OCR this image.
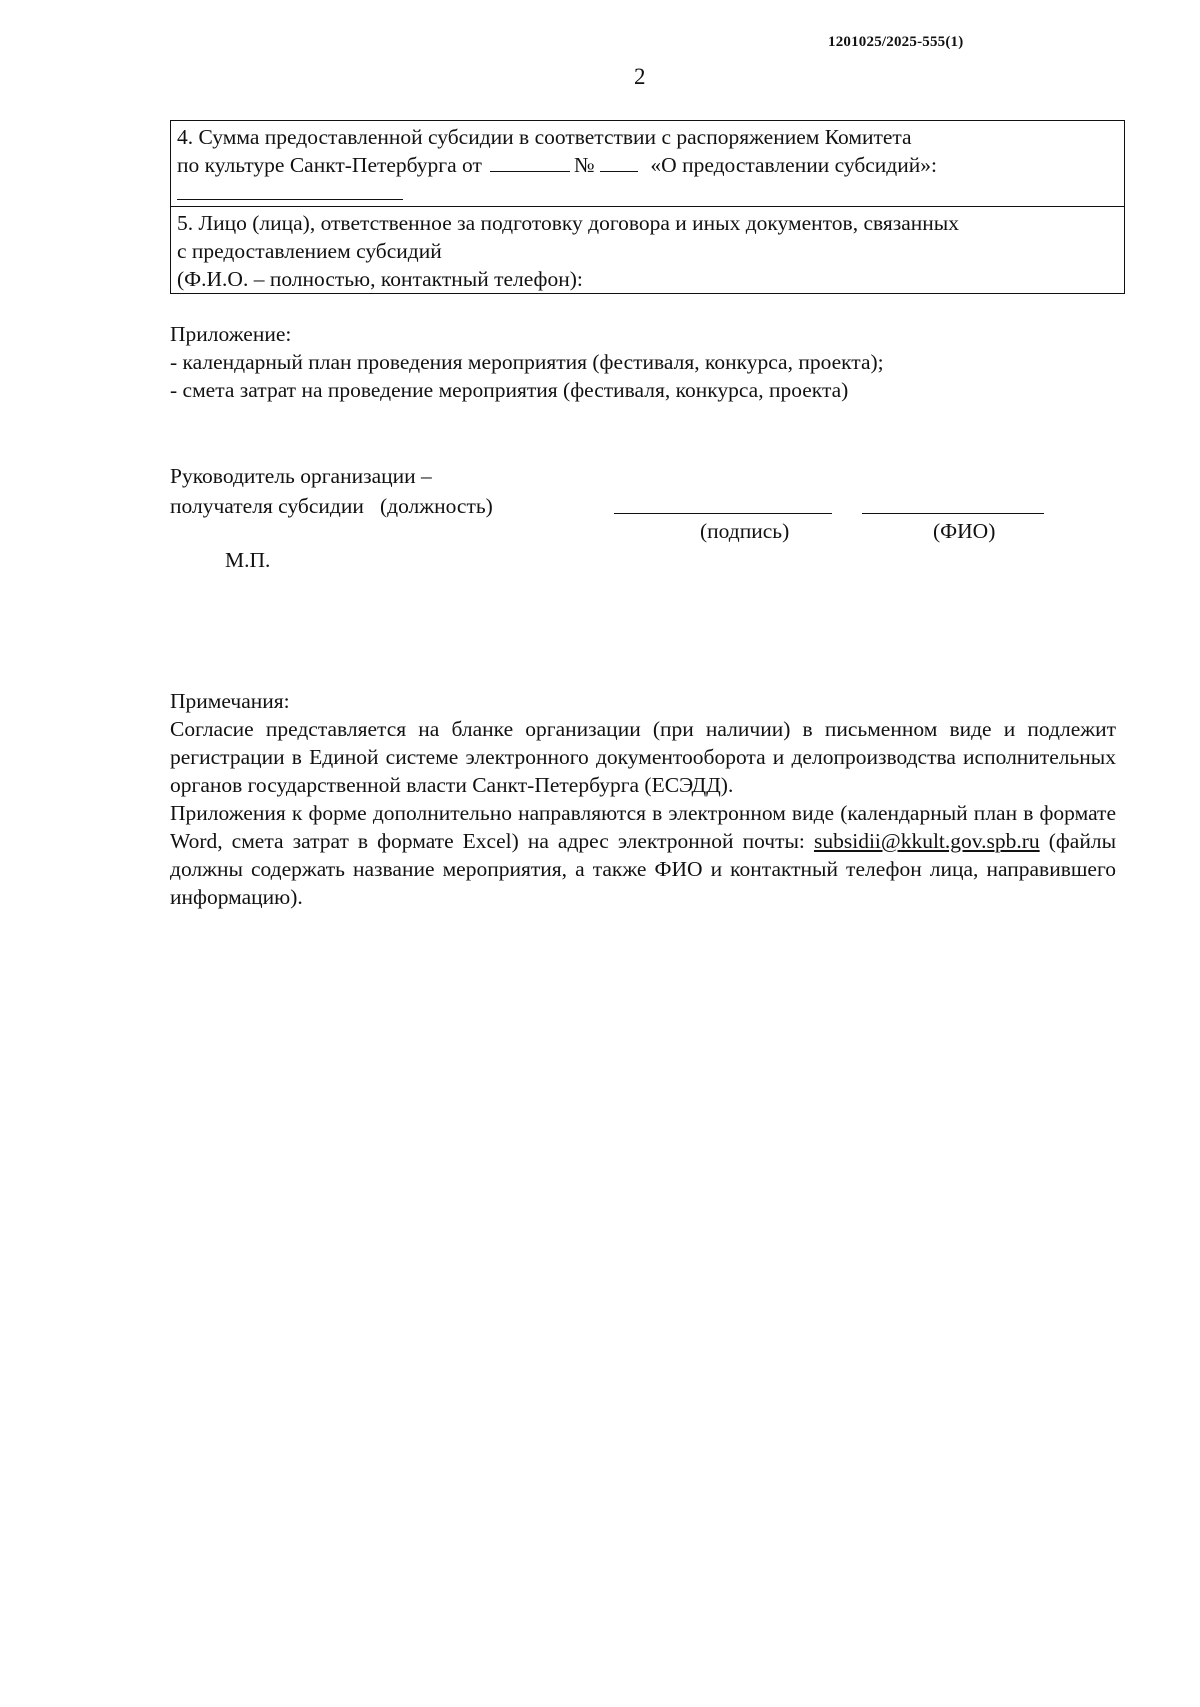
1201025/2025-555(1)
2
4. Сумма предоставленной субсидии в соответствии с распоряжением Комитета
по культуре Санкт-Петербурга от	№	«О предоставлении субсидий»:
5. Лицо (лица), ответственное за подготовку договора и иных документов, связанных
с предоставлением субсидий
(Ф.И.О. – полностью, контактный телефон):
Приложение:
- календарный план проведения мероприятия (фестиваля, конкурса, проекта);
- смета затрат на проведение мероприятия (фестиваля, конкурса, проекта)
Руководитель организации –
получателя субсидии   (должность)
(подпись)	(ФИО)
М.П.
Примечания:

Согласие представляется на бланке организации (при наличии) в письменном виде и подлежит регистрации в Единой системе электронного документооборота и делопроизводства исполнительных органов государственной власти Санкт-Петербурга (ЕСЭДД).

Приложения к форме дополнительно направляются в электронном виде (календарный план в формате Word, смета затрат в формате Excel) на адрес электронной почты: subsidii@kkult.gov.spb.ru (файлы должны содержать название мероприятия, а также ФИО и контактный телефон лица, направившего информацию).
